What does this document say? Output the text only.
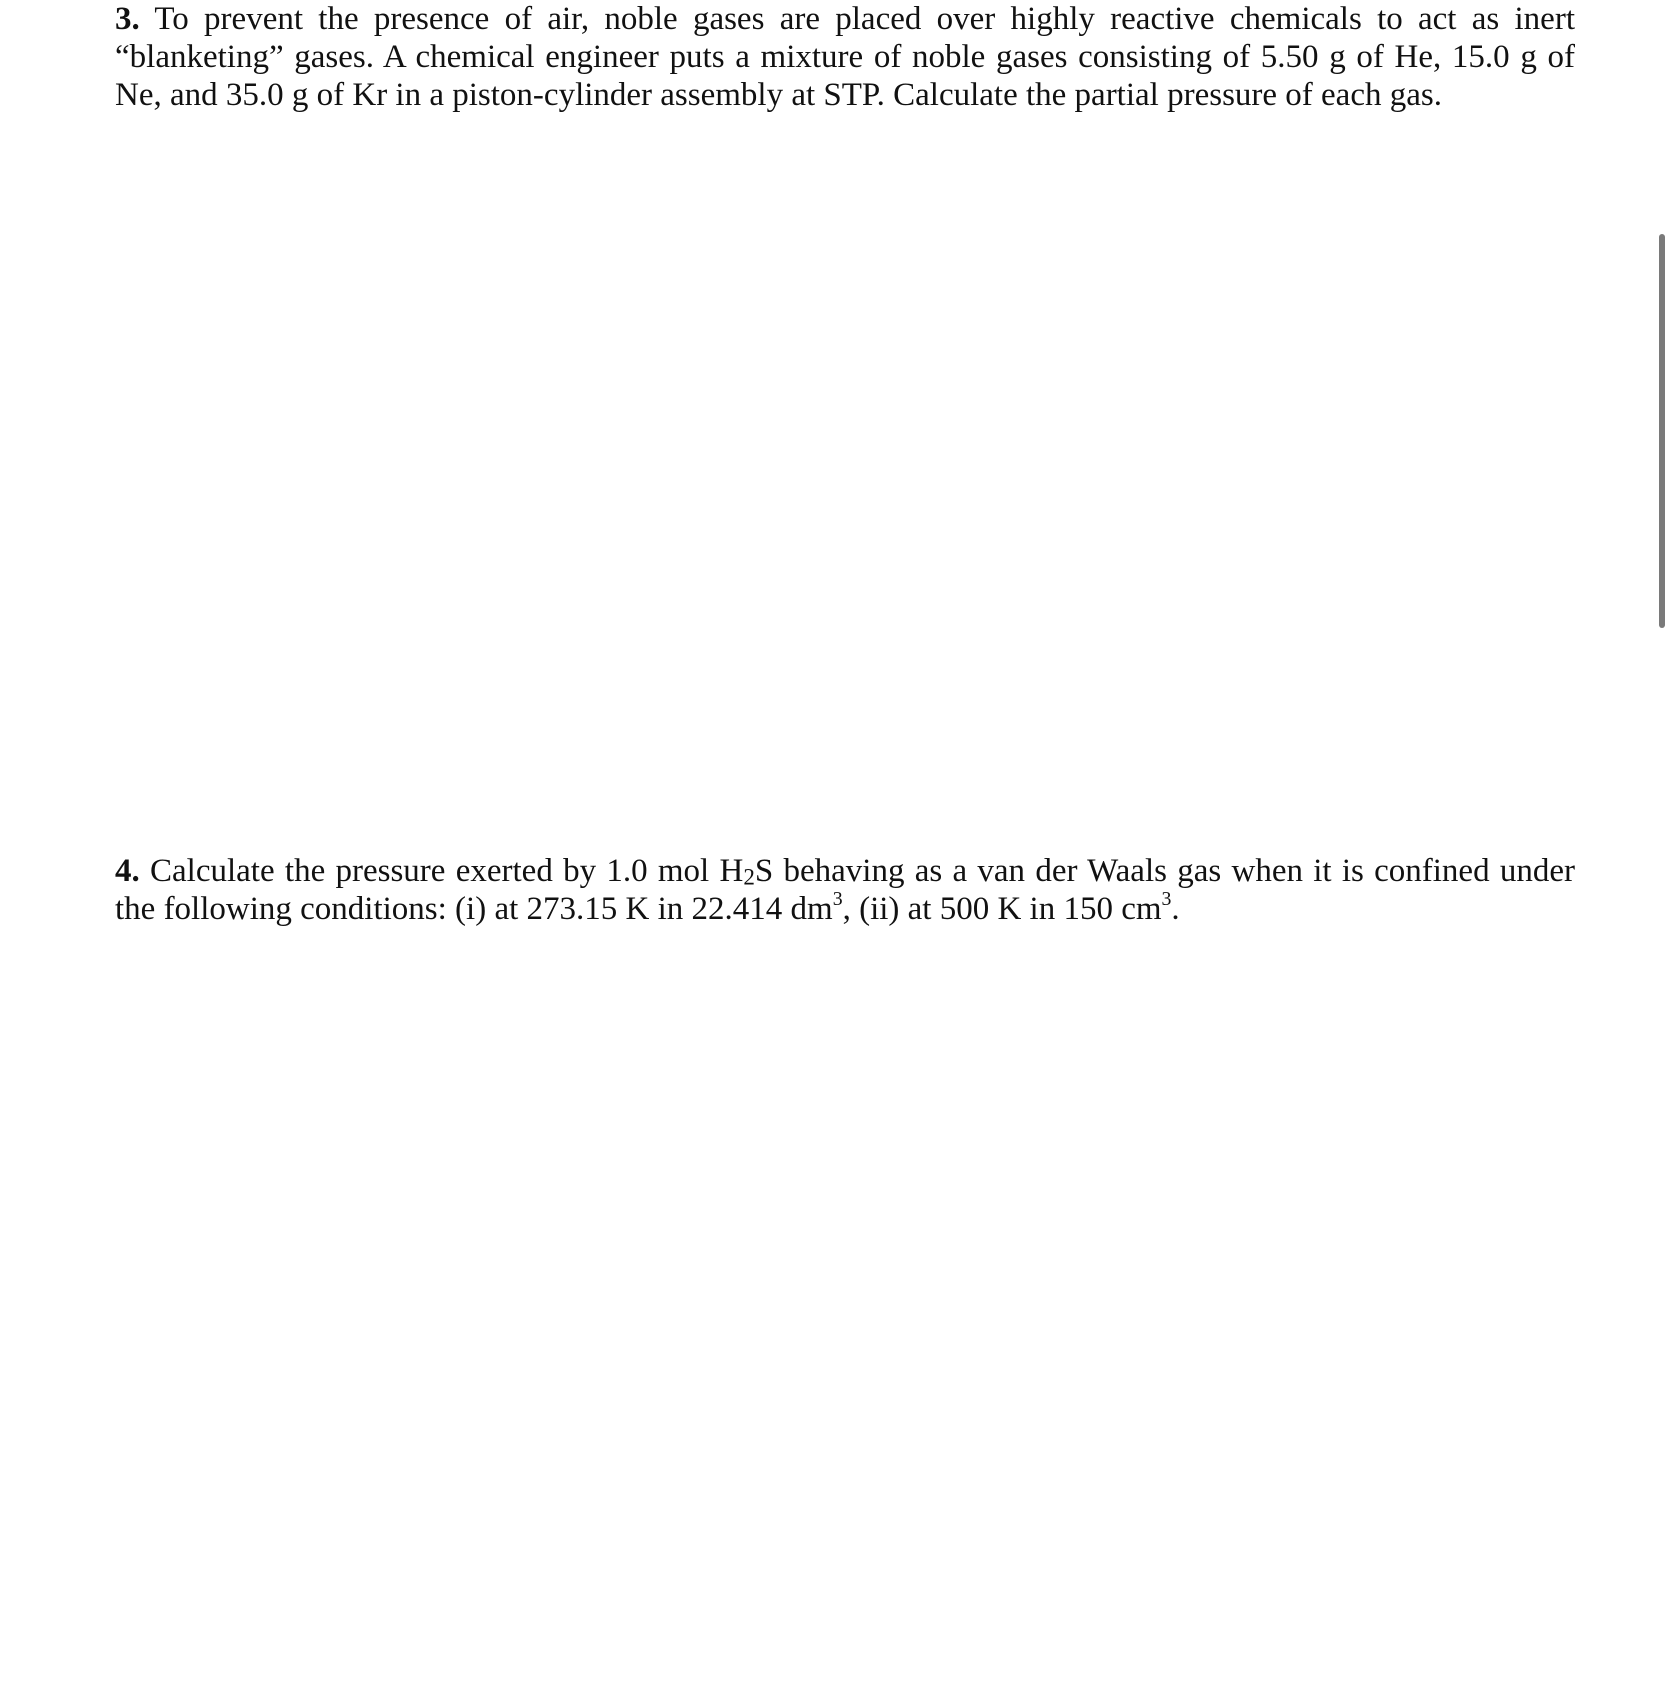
3. To prevent the presence of air, noble gases are placed over highly reactive chemicals to act as inert
“blanketing” gases. A chemical engineer puts a mixture of noble gases consisting of 5.50 g of He, 15.0 g of
Ne, and 35.0 g of Kr in a piston-cylinder assembly at STP. Calculate the partial pressure of each gas.
4. Calculate the pressure exerted by 1.0 mol $H_2S$ behaving as a van der Waals gas when it is confined under
the following conditions: (i) at 273.15 K in 22.414 $dm^3$, (ii) at 500 K in 150 $cm^3$.
